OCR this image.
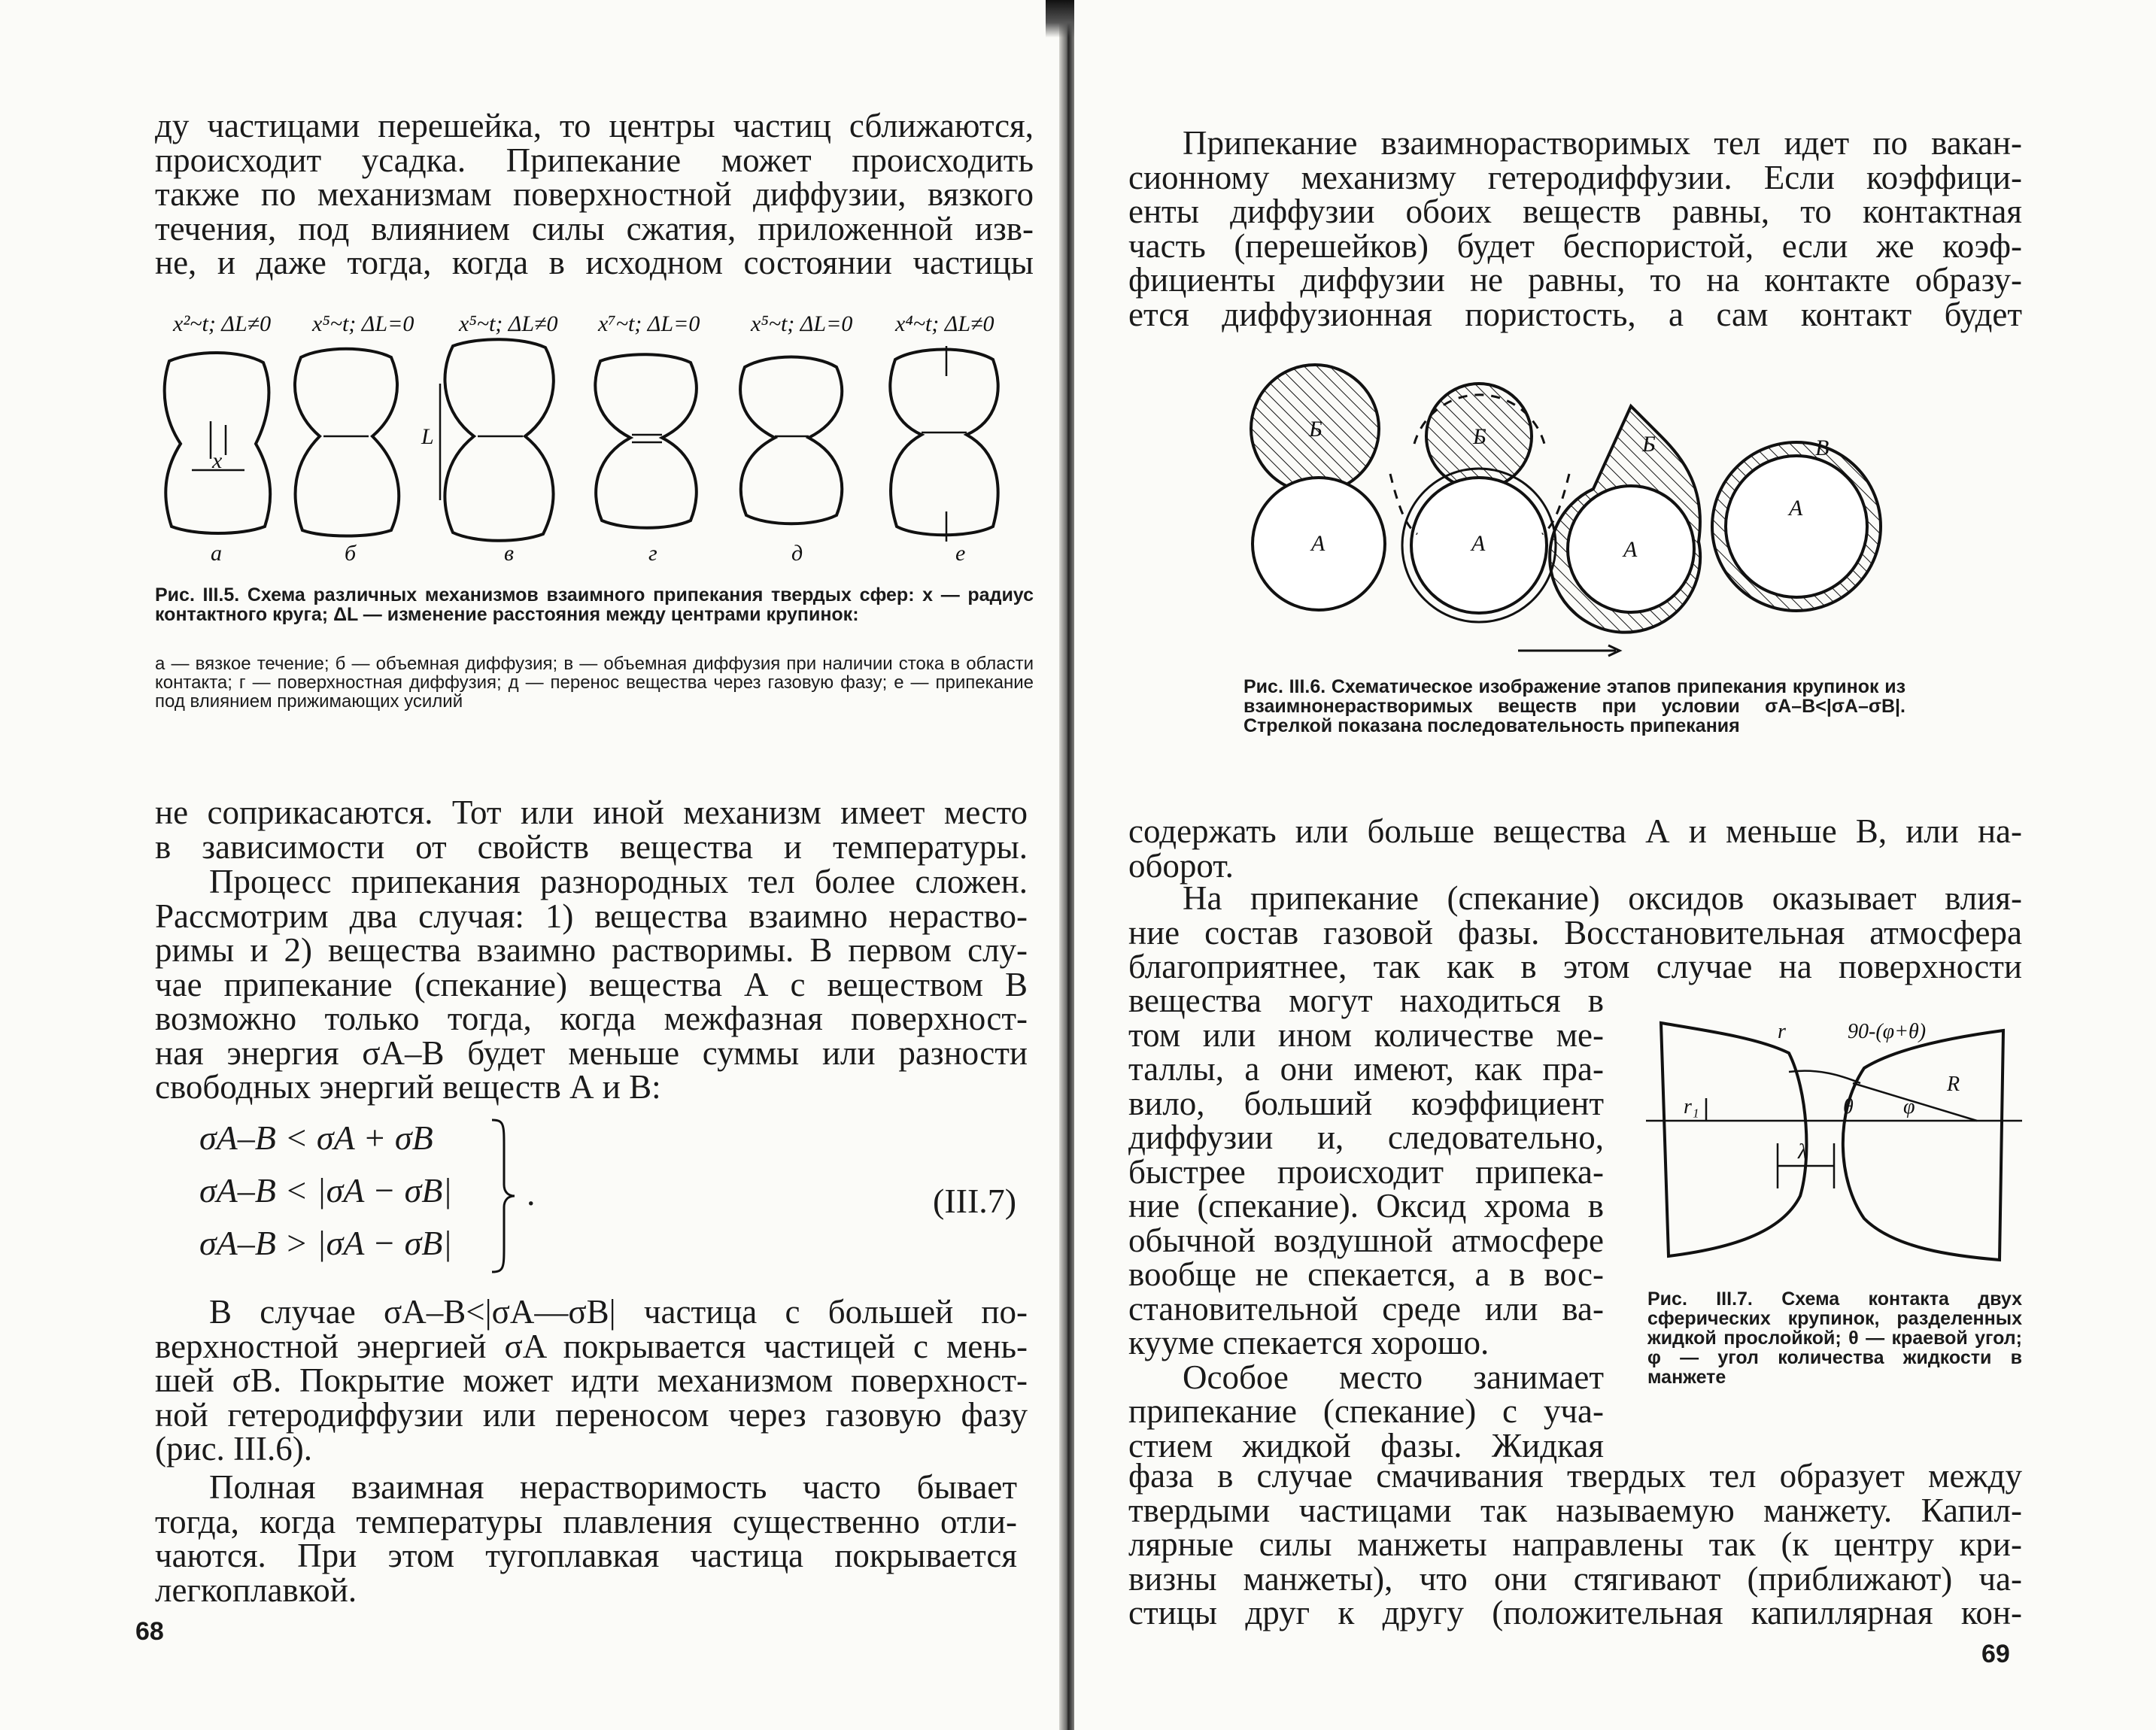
ду частицами перешейка, то центры частиц сближаются,
происходит усадка. Припекание может происходить
также по механизмам поверхностной диффузии, вязкого
течения, под влиянием силы сжатия, приложенной изв-
не, и даже тогда, когда в исходном состоянии частицы
x²~t; ΔL≠0 x⁵~t; ΔL=0 x⁵~t; ΔL≠0 x⁷~t; ΔL=0 x⁵~t; ΔL=0 x⁴~t; ΔL≠0
x
L
а	б	в	г	д	е

Рис. III.5. Схема различных механизмов взаимного припекания твердых сфер: x — радиус контактного круга; ΔL — изменение расстояния между центрами крупинок:

а — вязкое течение; б — объемная диффузия; в — объемная диффузия при наличии стока в области контакта; г — поверхностная диффузия; д — перенос вещества через газовую фазу; е — припекание под влиянием прижимающих усилий

не соприкасаются. Тот или иной механизм имеет место
в зависимости от свойств вещества и температуры.
Процесс припекания разнородных тел более сложен.
Рассмотрим два случая: 1) вещества взаимно нераство-
римы и 2) вещества взаимно растворимы. В первом слу-
чае припекание (спекание) вещества А с веществом В
возможно только тогда, когда межфазная поверхност-
ная энергия σA–B будет меньше суммы или разности
свободных энергий веществ А и В:
σA–B < σA + σB
σA–B < |σA − σB|
σA–B > |σA − σB|
.	(III.7)
В случае σA–B<|σA—σB| частица с большей по-
верхностной энергией σA покрывается частицей с мень-
шей σB. Покрытие может идти механизмом поверхност-
ной гетеродиффузии или переносом через газовую фазу
(рис. III.6).
Полная взаимная нерастворимость часто бывает
тогда, когда температуры плавления существенно отли-
чаются. При этом тугоплавкая частица покрывается
легкоплавкой.
68
Припекание взаимнорастворимых тел идет по вакан-
сионному механизму гетеродиффузии. Если коэффици-
енты диффузии обоих веществ равны, то контактная
часть (перешейков) будет беспористой, если же коэф-
фициенты диффузии не равны, то на контакте образу-
ется диффузионная пористость, а сам контакт будет
Б
А
Б
А
Б
А
В
А

Рис. III.6. Схематическое изображение этапов припекания крупинок из взаимнонерастворимых веществ при условии σA–B<|σA–σB|. Стрелкой показана последовательность припекания

содержать или больше вещества А и меньше В, или на-
оборот.
На припекание (спекание) оксидов оказывает влия-
ние состав газовой фазы. Восстановительная атмосфера
благоприятнее, так как в этом случае на поверхности
вещества могут находиться в
том или ином количестве ме-
таллы, а они имеют, как пра-
вило, больший коэффициент
диффузии и, следовательно,
быстрее происходит припека-
ние (спекание). Оксид хрома в
обычной воздушной атмосфере
вообще не спекается, а в вос-
становительной среде или ва-
кууме спекается хорошо.
Особое место занимает
припекание (спекание) с уча-
стием жидкой фазы. Жидкая
r	90-(φ+θ)
r₁	θ φ
R
λ

Рис. III.7. Схема контакта двух сферических крупинок, разделенных жидкой прослойкой; θ — краевой угол; φ — угол количества жидкости в манжете

фаза в случае смачивания твердых тел образует между
твердыми частицами так называемую манжету. Капил-
лярные силы манжеты направлены так (к центру кри-
визны манжеты), что они стягивают (приближают) ча-
стицы друг к другу (положительная капиллярная кон-
69
